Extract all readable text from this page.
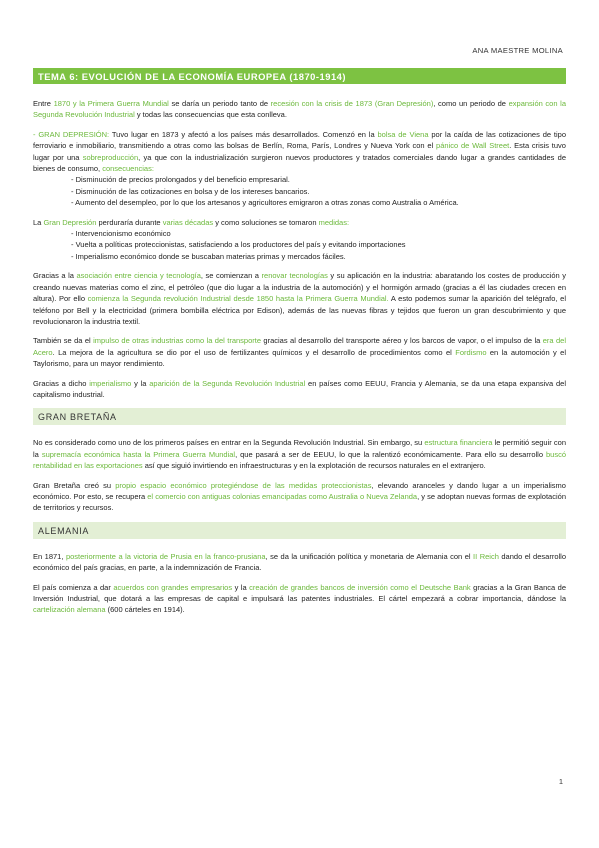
ANA MAESTRE MOLINA
TEMA 6: EVOLUCIÓN DE LA ECONOMÍA EUROPEA (1870-1914)

Entre 1870 y la Primera Guerra Mundial se daría un periodo tanto de recesión con la crisis de 1873 (Gran Depresión), como un periodo de expansión con la Segunda Revolución Industrial y todas las consecuencias que esta conlleva.

- GRAN DEPRESIÓN: Tuvo lugar en 1873 y afectó a los países más desarrollados. Comenzó en la bolsa de Viena por la caída de las cotizaciones de tipo ferroviario e inmobiliario, transmitiendo a otras como las bolsas de Berlín, Roma, París, Londres y Nueva York con el pánico de Wall Street. Esta crisis tuvo lugar por una sobreproducción, ya que con la industrialización surgieron nuevos productores y tratados comerciales dando lugar a grandes cantidades de bienes de consumo, consecuencias:

- Disminución de precios prolongados y del beneficio empresarial.
- Disminución de las cotizaciones en bolsa y de los intereses bancarios.
- Aumento del desempleo, por lo que los artesanos y agricultores emigraron a otras zonas como Australia o América.

La Gran Depresión perduraría durante varias décadas y como soluciones se tomaron medidas:

- Intervencionismo económico
- Vuelta a políticas proteccionistas, satisfaciendo a los productores del país y evitando importaciones
- Imperialismo económico donde se buscaban materias primas y mercados fáciles.

Gracias a la asociación entre ciencia y tecnología, se comienzan a renovar tecnologías y su aplicación en la industria: abaratando los costes de producción y creando nuevas materias como el zinc, el petróleo (que dio lugar a la industria de la automoción) y el hormigón armado (gracias a él las ciudades crecen en altura). Por ello comienza la Segunda revolución Industrial desde 1850 hasta la Primera Guerra Mundial. A esto podemos sumar la aparición del telégrafo, el teléfono por Bell y la electricidad (primera bombilla eléctrica por Edison), además de las nuevas fibras y tejidos que fueron un gran descubrimiento y que revolucionaron la industria textil.

También se da el impulso de otras industrias como la del transporte gracias al desarrollo del transporte aéreo y los barcos de vapor, o el impulso de la era del Acero. La mejora de la agricultura se dio por el uso de fertilizantes químicos y el desarrollo de procedimientos como el Fordismo en la automoción y el Taylorismo, para un mayor rendimiento.

Gracias a dicho imperialismo y la aparición de la Segunda Revolución Industrial en países como EEUU, Francia y Alemania, se da una etapa expansiva del capitalismo industrial.

GRAN BRETAÑA

No es considerado como uno de los primeros países en entrar en la Segunda Revolución Industrial. Sin embargo, su estructura financiera le permitió seguir con la supremacía económica hasta la Primera Guerra Mundial, que pasará a ser de EEUU, lo que la ralentizó económicamente. Para ello su desarrollo buscó rentabilidad en las exportaciones así que siguió invirtiendo en infraestructuras y en la explotación de recursos naturales en el extranjero.

Gran Bretaña creó su propio espacio económico protegiéndose de las medidas proteccionistas, elevando aranceles y dando lugar a un imperialismo económico. Por esto, se recupera el comercio con antiguas colonias emancipadas como Australia o Nueva Zelanda, y se adoptan nuevas formas de explotación de territorios y recursos.

ALEMANIA

En 1871, posteriormente a la victoria de Prusia en la franco-prusiana, se da la unificación política y monetaria de Alemania con el II Reich dando el desarrollo económico del país gracias, en parte, a la indemnización de Francia.

El país comienza a dar acuerdos con grandes empresarios y la creación de grandes bancos de inversión como el Deutsche Bank gracias a la Gran Banca de Inversión Industrial, que dotará a las empresas de capital e impulsará las patentes industriales. El cártel empezará a cobrar importancia, dándose la cartelización alemana (600 cárteles en 1914).

1
